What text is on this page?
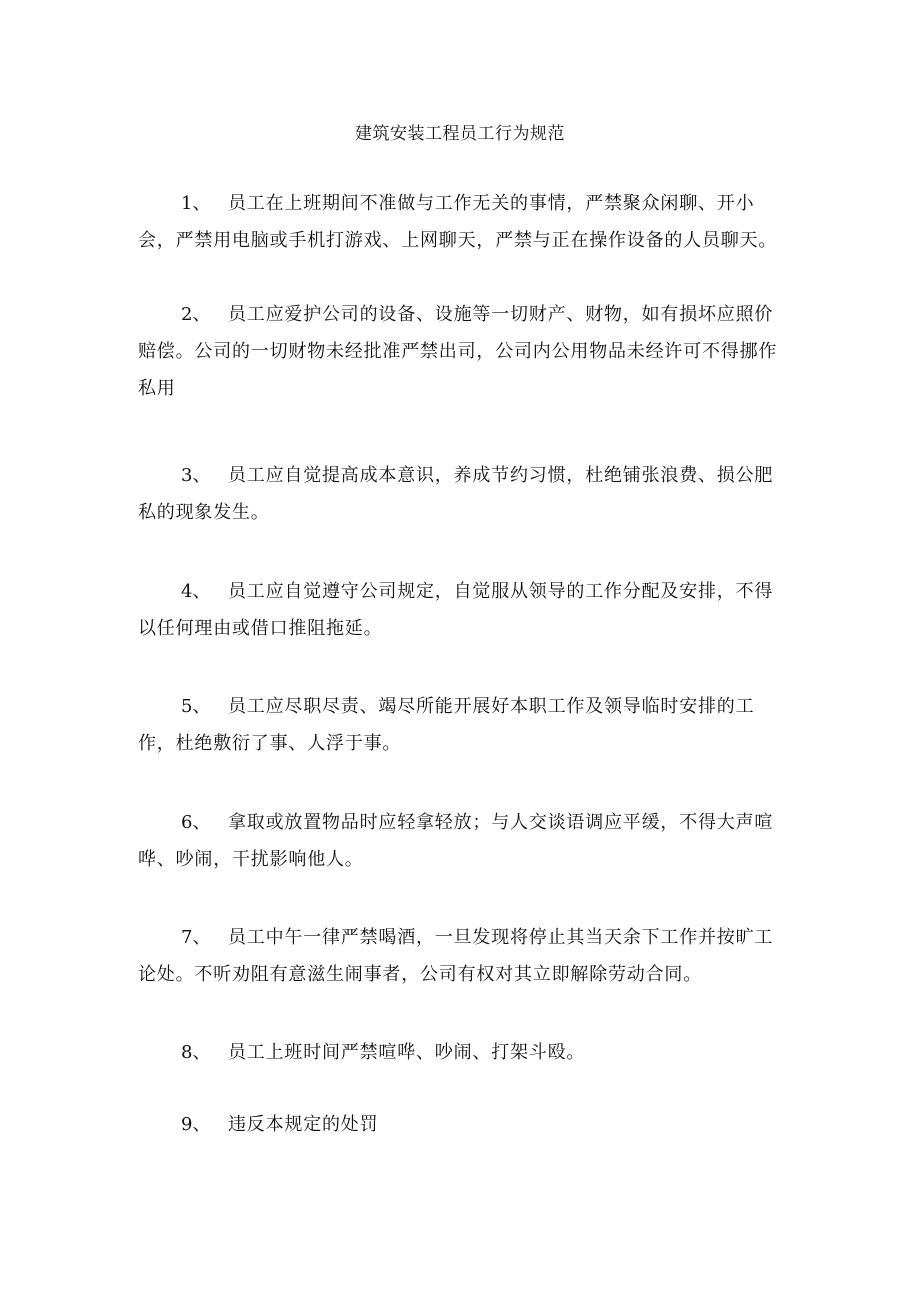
建筑安装工程员工行为规范
1、 员工在上班期间不准做与工作无关的事情，严禁聚众闲聊、开小会，严禁用电脑或手机打游戏、上网聊天，严禁与正在操作设备的人员聊天。
2、 员工应爱护公司的设备、设施等一切财产、财物，如有损坏应照价赔偿。公司的一切财物未经批准严禁出司，公司内公用物品未经许可不得挪作私用
3、 员工应自觉提高成本意识，养成节约习惯，杜绝铺张浪费、损公肥私的现象发生。
4、 员工应自觉遵守公司规定，自觉服从领导的工作分配及安排，不得以任何理由或借口推阻拖延。
5、 员工应尽职尽责、竭尽所能开展好本职工作及领导临时安排的工作，杜绝敷衍了事、人浮于事。
6、 拿取或放置物品时应轻拿轻放；与人交谈语调应平缓，不得大声喧哗、吵闹，干扰影响他人。
7、 员工中午一律严禁喝酒，一旦发现将停止其当天余下工作并按旷工论处。不听劝阻有意滋生闹事者，公司有权对其立即解除劳动合同。
8、 员工上班时间严禁喧哗、吵闹、打架斗殴。
9、 违反本规定的处罚
